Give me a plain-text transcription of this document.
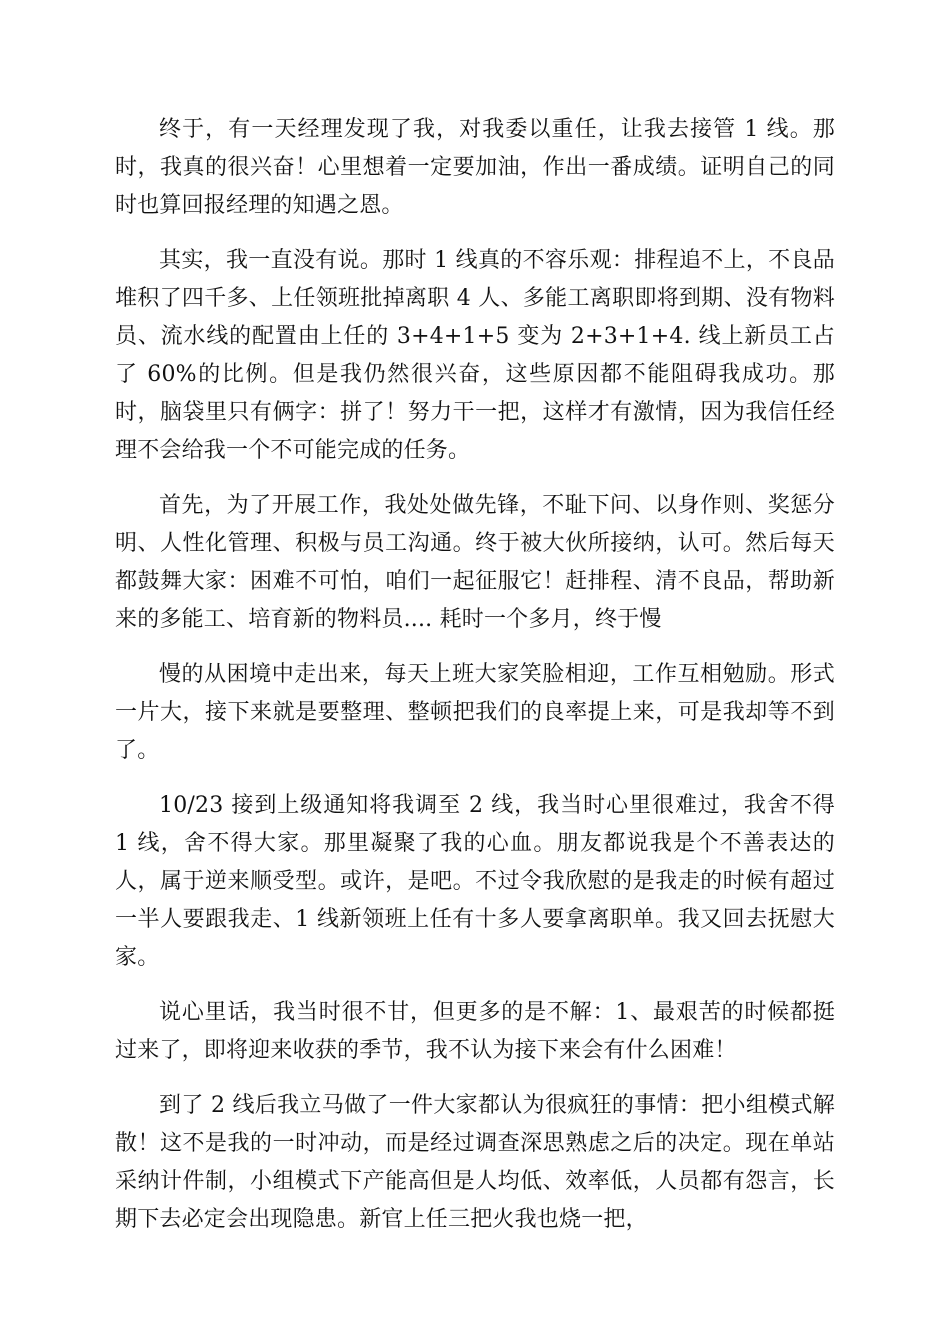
终于，有一天经理发现了我，对我委以重任，让我去接管 1 线。那时，我真的很兴奋！心里想着一定要加油，作出一番成绩。证明自己的同时也算回报经理的知遇之恩。

其实，我一直没有说。那时 1 线真的不容乐观：排程追不上，不良品堆积了四千多、上任领班批掉离职 4 人、多能工离职即将到期、没有物料员、流水线的配置由上任的 3+4+1+5 变为 2+3+1+4. 线上新员工占了 60%的比例。但是我仍然很兴奋，这些原因都不能阻碍我成功。那时，脑袋里只有俩字：拼了！努力干一把，这样才有激情，因为我信任经理不会给我一个不可能完成的任务。

首先，为了开展工作，我处处做先锋，不耻下问、以身作则、奖惩分明、人性化管理、积极与员工沟通。终于被大伙所接纳，认可。然后每天都鼓舞大家：困难不可怕，咱们一起征服它！赶排程、清不良品，帮助新来的多能工、培育新的物料员.... 耗时一个多月，终于慢

慢的从困境中走出来，每天上班大家笑脸相迎，工作互相勉励。形式一片大，接下来就是要整理、整顿把我们的良率提上来，可是我却等不到了。

10/23 接到上级通知将我调至 2 线，我当时心里很难过，我舍不得 1 线，舍不得大家。那里凝聚了我的心血。朋友都说我是个不善表达的人，属于逆来顺受型。或许，是吧。不过令我欣慰的是我走的时候有超过一半人要跟我走、1 线新领班上任有十多人要拿离职单。我又回去抚慰大家。

说心里话，我当时很不甘，但更多的是不解：1、最艰苦的时候都挺过来了，即将迎来收获的季节，我不认为接下来会有什么困难！

到了 2 线后我立马做了一件大家都认为很疯狂的事情：把小组模式解散！这不是我的一时冲动，而是经过调查深思熟虑之后的决定。现在单站采纳计件制，小组模式下产能高但是人均低、效率低，人员都有怨言，长期下去必定会出现隐患。新官上任三把火我也烧一把，
